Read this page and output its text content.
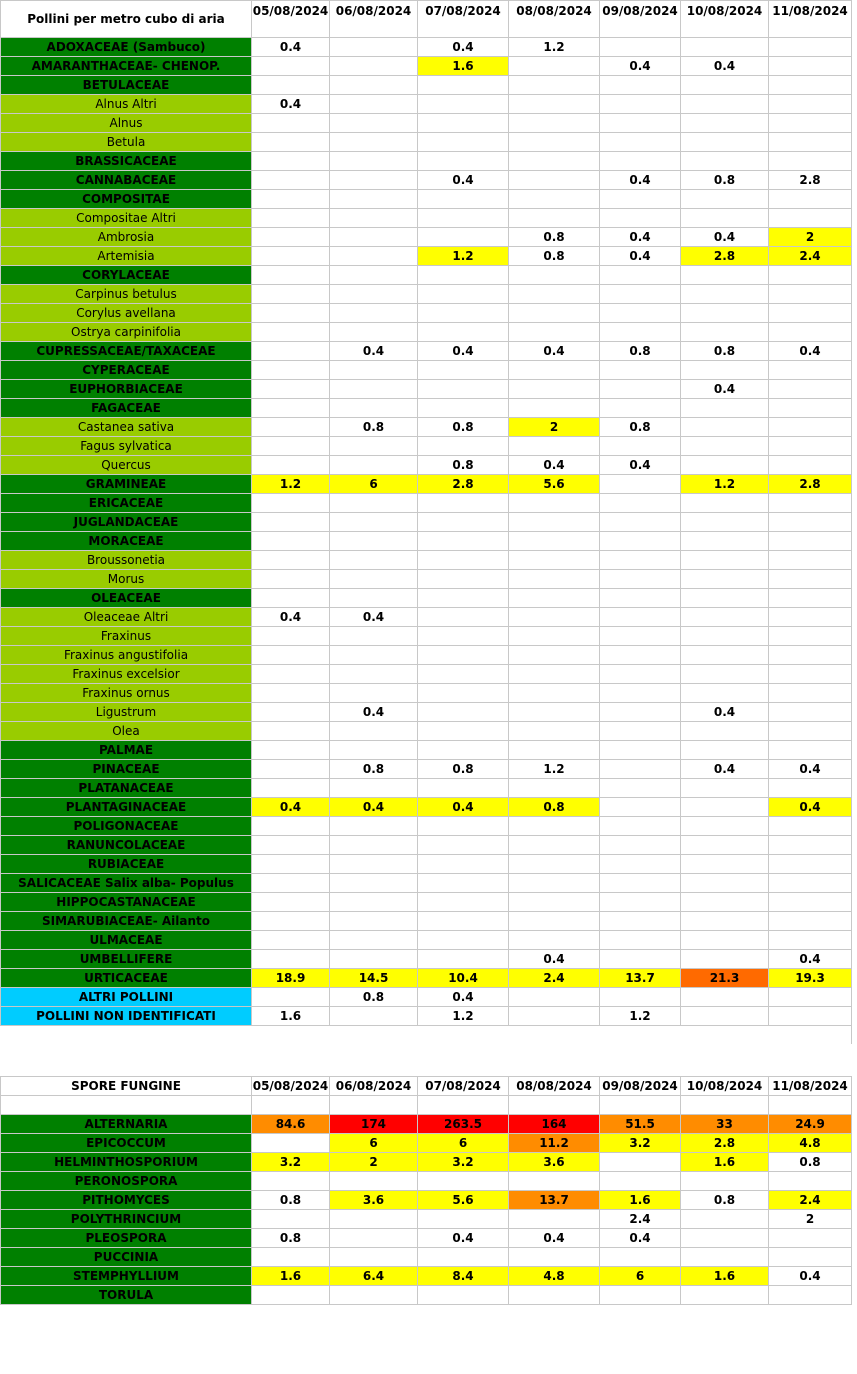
Pollini per metro cubo di aria	05/08/2024	06/08/2024	07/08/2024	08/08/2024	09/08/2024	10/08/2024	11/08/2024
ADOXACEAE (Sambuco)	0.4		0.4	1.2			
AMARANTHACEAE- CHENOP.			1.6		0.4	0.4	
BETULACEAE							
Alnus Altri	0.4						
Alnus							
Betula							
BRASSICACEAE							
CANNABACEAE			0.4		0.4	0.8	2.8
COMPOSITAE							
Compositae Altri							
Ambrosia				0.8	0.4	0.4	2
Artemisia			1.2	0.8	0.4	2.8	2.4
CORYLACEAE							
Carpinus betulus							
Corylus avellana							
Ostrya carpinifolia							
CUPRESSACEAE/TAXACEAE		0.4	0.4	0.4	0.8	0.8	0.4
CYPERACEAE							
EUPHORBIACEAE						0.4	
FAGACEAE							
Castanea sativa		0.8	0.8	2	0.8		
Fagus sylvatica							
Quercus			0.8	0.4	0.4		
GRAMINEAE	1.2	6	2.8	5.6		1.2	2.8
ERICACEAE							
JUGLANDACEAE							
MORACEAE							
Broussonetia							
Morus							
OLEACEAE							
Oleaceae Altri	0.4	0.4					
Fraxinus							
Fraxinus angustifolia							
Fraxinus excelsior							
Fraxinus ornus							
Ligustrum		0.4				0.4	
Olea							
PALMAE							
PINACEAE		0.8	0.8	1.2		0.4	0.4
PLATANACEAE							
PLANTAGINACEAE	0.4	0.4	0.4	0.8			0.4
POLIGONACEAE							
RANUNCOLACEAE							
RUBIACEAE							
SALICACEAE Salix alba- Populus							
HIPPOCASTANACEAE							
SIMARUBIACEAE- Ailanto							
ULMACEAE							
UMBELLIFERE				0.4			0.4
URTICACEAE	18.9	14.5	10.4	2.4	13.7	21.3	19.3
ALTRI POLLINI		0.8	0.4				
POLLINI NON IDENTIFICATI	1.6		1.2		1.2		
SPORE FUNGINE	05/08/2024	06/08/2024	07/08/2024	08/08/2024	09/08/2024	10/08/2024	11/08/2024

ALTERNARIA	84.6	174	263.5	164	51.5	33	24.9
EPICOCCUM		6	6	11.2	3.2	2.8	4.8
HELMINTHOSPORIUM	3.2	2	3.2	3.6		1.6	0.8
PERONOSPORA							
PITHOMYCES	0.8	3.6	5.6	13.7	1.6	0.8	2.4
POLYTHRINCIUM					2.4		2
PLEOSPORA	0.8		0.4	0.4	0.4		
PUCCINIA							
STEMPHYLLIUM	1.6	6.4	8.4	4.8	6	1.6	0.4
TORULA							
